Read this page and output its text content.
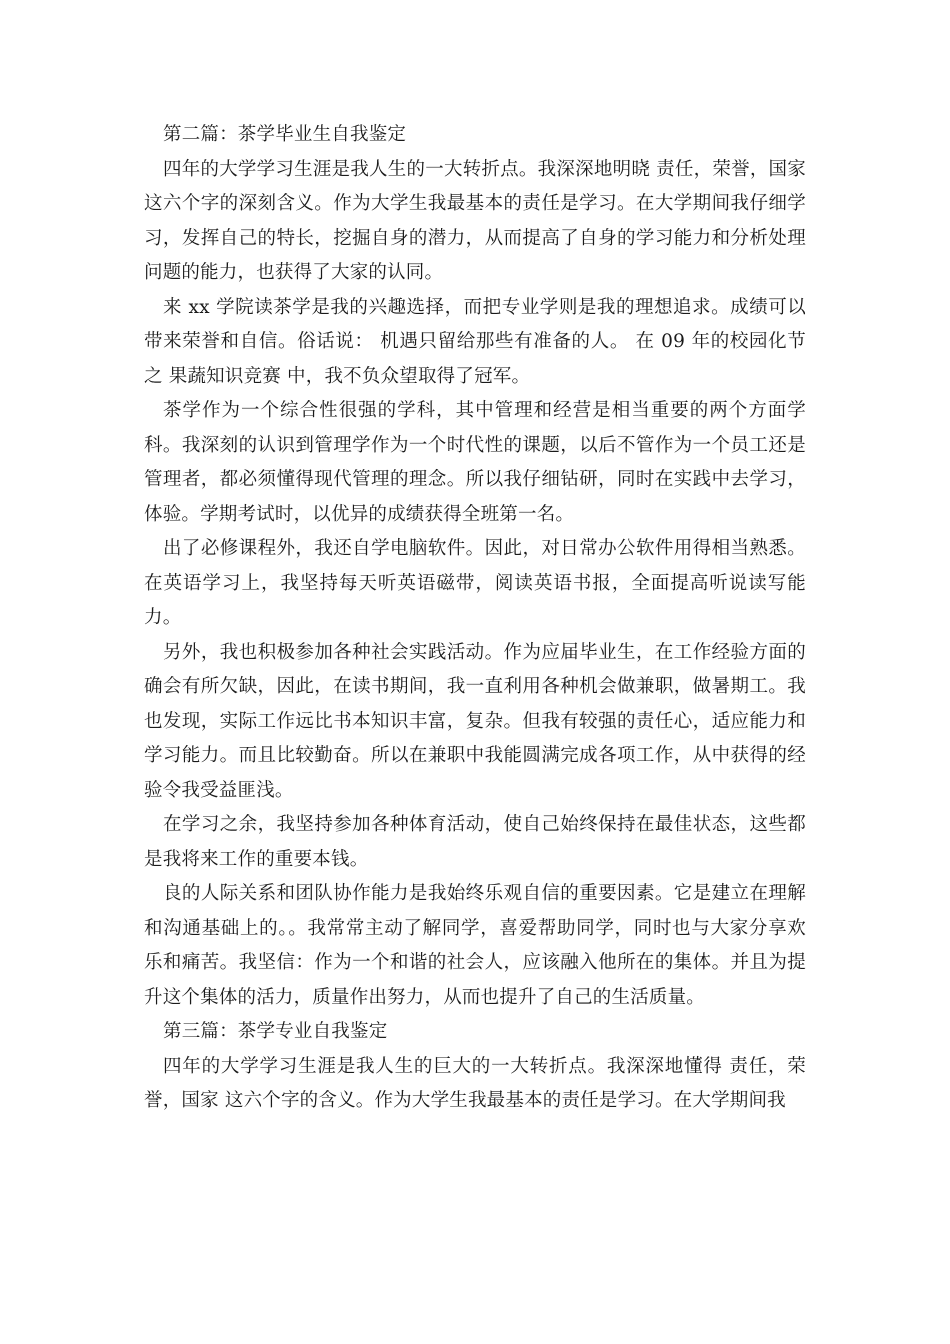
第二篇：茶学毕业生自我鉴定

四年的大学学习生涯是我人生的一大转折点。我深深地明晓 责任，荣誉，国家 这六个字的深刻含义。作为大学生我最基本的责任是学习。在大学期间我仔细学习，发挥自己的特长，挖掘自身的潜力，从而提高了自身的学习能力和分析处理问题的能力，也获得了大家的认同。

来 xx 学院读茶学是我的兴趣选择，而把专业学则是我的理想追求。成绩可以带来荣誉和自信。俗话说： 机遇只留给那些有准备的人。 在 09 年的校园化节之 果蔬知识竞赛 中，我不负众望取得了冠军。

茶学作为一个综合性很强的学科，其中管理和经营是相当重要的两个方面学科。我深刻的认识到管理学作为一个时代性的课题，以后不管作为一个员工还是管理者，都必须懂得现代管理的理念。所以我仔细钻研，同时在实践中去学习，体验。学期考试时，以优异的成绩获得全班第一名。

出了必修课程外，我还自学电脑软件。因此，对日常办公软件用得相当熟悉。在英语学习上，我坚持每天听英语磁带，阅读英语书报，全面提高听说读写能力。

另外，我也积极参加各种社会实践活动。作为应届毕业生，在工作经验方面的确会有所欠缺，因此，在读书期间，我一直利用各种机会做兼职，做暑期工。我也发现，实际工作远比书本知识丰富，复杂。但我有较强的责任心，适应能力和学习能力。而且比较勤奋。所以在兼职中我能圆满完成各项工作，从中获得的经验令我受益匪浅。

在学习之余，我坚持参加各种体育活动，使自己始终保持在最佳状态，这些都是我将来工作的重要本钱。

良的人际关系和团队协作能力是我始终乐观自信的重要因素。它是建立在理解和沟通基础上的。。我常常主动了解同学，喜爱帮助同学，同时也与大家分享欢乐和痛苦。我坚信：作为一个和谐的社会人，应该融入他所在的集体。并且为提升这个集体的活力，质量作出努力，从而也提升了自己的生活质量。

第三篇：茶学专业自我鉴定

四年的大学学习生涯是我人生的巨大的一大转折点。我深深地懂得 责任，荣誉，国家 这六个字的含义。作为大学生我最基本的责任是学习。在大学期间我
